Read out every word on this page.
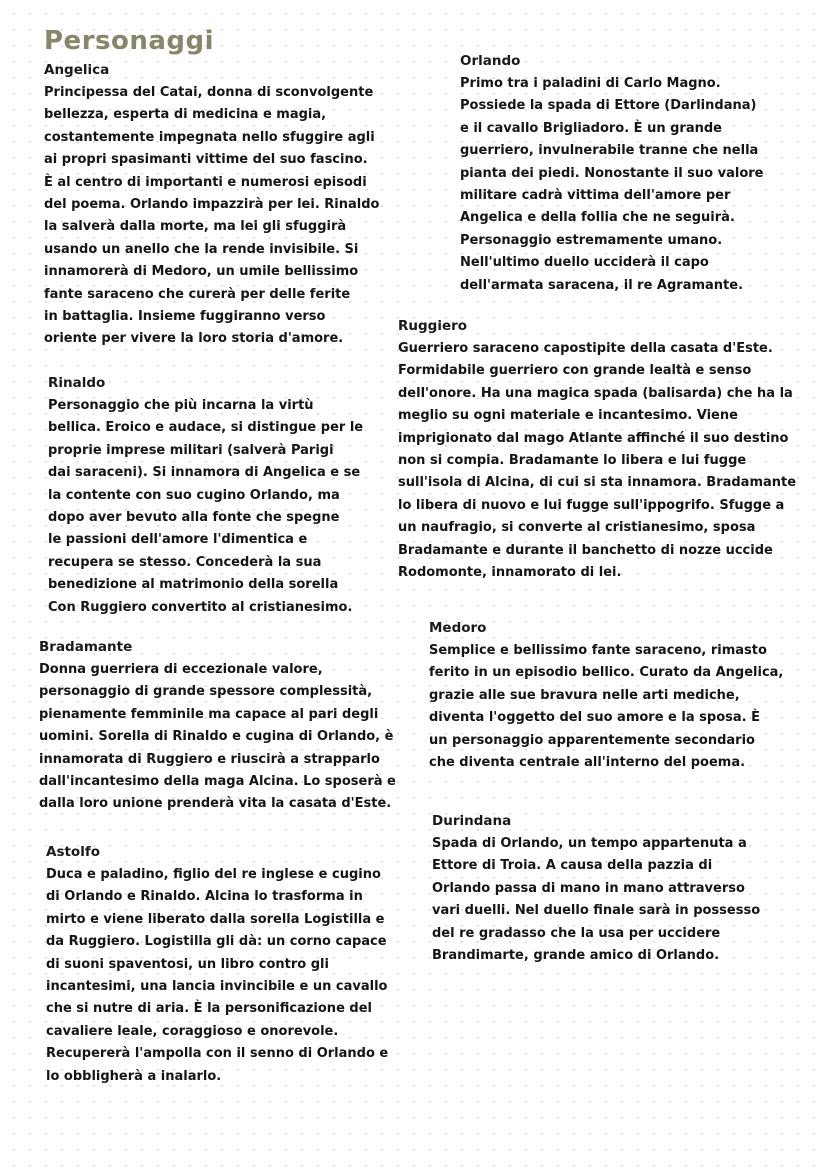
Personaggi
Angelica

Principessa del Catai, donna di sconvolgente
bellezza, esperta di medicina e magia,
costantemente impegnata nello sfuggire agli
ai propri spasimanti vittime del suo fascino.
È al centro di importanti e numerosi episodi
del poema. Orlando impazzirà per lei. Rinaldo
la salverà dalla morte, ma lei gli sfuggirà
usando un anello che la rende invisibile. Si
innamorerà di Medoro, un umile bellissimo
fante saraceno che curerà per delle ferite
in battaglia. Insieme fuggiranno verso
oriente per vivere la loro storia d'amore.

Orlando

Primo tra i paladini di Carlo Magno.
Possiede la spada di Ettore (Darlindana)
e il cavallo Brigliadoro. È un grande
guerriero, invulnerabile tranne che nella
pianta dei piedi. Nonostante il suo valore
militare cadrà vittima dell'amore per
Angelica e della follia che ne seguirà.
Personaggio estremamente umano.
Nell'ultimo duello ucciderà il capo
dell'armata saracena, il re Agramante.

Ruggiero

Guerriero saraceno capostipite della casata d'Este.
Formidabile guerriero con grande lealtà e senso
dell'onore. Ha una magica spada (balisarda) che ha la
meglio su ogni materiale e incantesimo. Viene
imprigionato dal mago Atlante affinché il suo destino
non si compia. Bradamante lo libera e lui fugge
sull'isola di Alcina, di cui si sta innamora. Bradamante
lo libera di nuovo e lui fugge sull'ippogrifo. Sfugge a
un naufragio, si converte al cristianesimo, sposa
Bradamante e durante il banchetto di nozze uccide
Rodomonte, innamorato di lei.

Rinaldo

Personaggio che più incarna la virtù
bellica. Eroico e audace, si distingue per le
proprie imprese militari (salverà Parigi
dai saraceni). Si innamora di Angelica e se
la contente con suo cugino Orlando, ma
dopo aver bevuto alla fonte che spegne
le passioni dell'amore l'dimentica e
recupera se stesso. Concederà la sua
benedizione al matrimonio della sorella
Con Ruggiero convertito al cristianesimo.

Medoro

Semplice e bellissimo fante saraceno, rimasto
ferito in un episodio bellico. Curato da Angelica,
grazie alle sue bravura nelle arti mediche,
diventa l'oggetto del suo amore e la sposa. È
un personaggio apparentemente secondario
che diventa centrale all'interno del poema.

Bradamante

Donna guerriera di eccezionale valore,
personaggio di grande spessore complessità,
pienamente femminile ma capace al pari degli
uomini. Sorella di Rinaldo e cugina di Orlando, è
innamorata di Ruggiero e riuscirà a strapparlo
dall'incantesimo della maga Alcina. Lo sposerà e
dalla loro unione prenderà vita la casata d'Este.

Durindana

Spada di Orlando, un tempo appartenuta a
Ettore di Troia. A causa della pazzia di
Orlando passa di mano in mano attraverso
vari duelli. Nel duello finale sarà in possesso
del re gradasso che la usa per uccidere
Brandimarte, grande amico di Orlando.

Astolfo

Duca e paladino, figlio del re inglese e cugino
di Orlando e Rinaldo. Alcina lo trasforma in
mirto e viene liberato dalla sorella Logistilla e
da Ruggiero. Logistilla gli dà: un corno capace
di suoni spaventosi, un libro contro gli
incantesimi, una lancia invincibile e un cavallo
che si nutre di aria. È la personificazione del
cavaliere leale, coraggioso e onorevole.
Recupererà l'ampolla con il senno di Orlando e
lo obbligherà a inalarlo.
